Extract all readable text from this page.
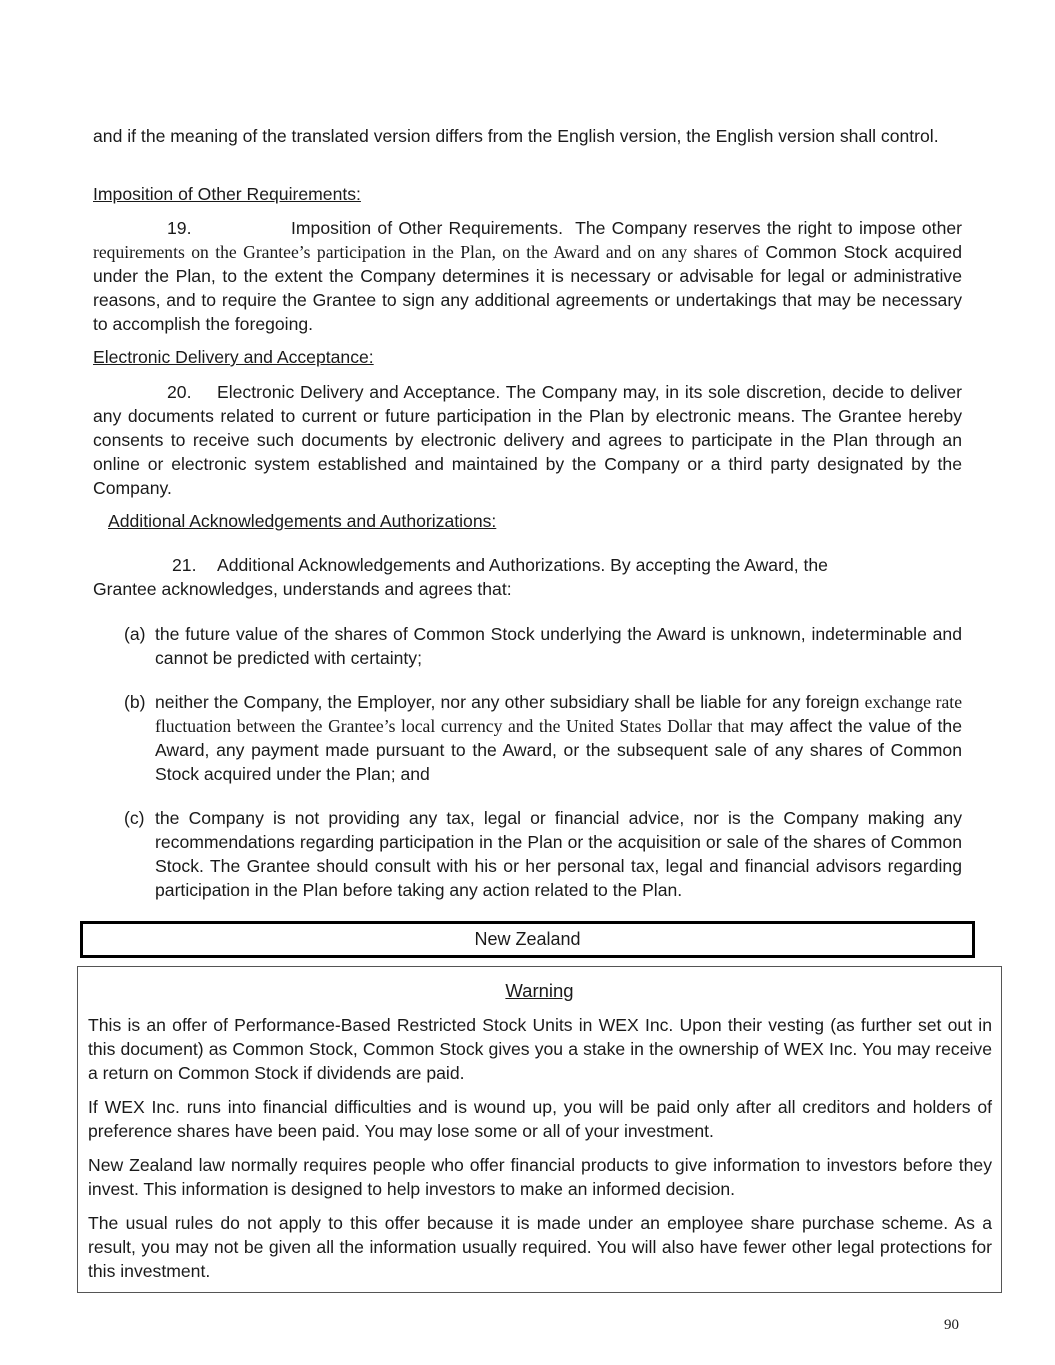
and if the meaning of the translated version differs from the English version, the English version shall control.

Imposition of Other Requirements:

19.	Imposition of Other Requirements. The Company reserves the right to impose other requirements on the Grantee’s participation in the Plan, on the Award and on any shares of Common Stock acquired under the Plan, to the extent the Company determines it is necessary or advisable for legal or administrative reasons, and to require the Grantee to sign any additional agreements or undertakings that may be necessary to accomplish the foregoing.

Electronic Delivery and Acceptance:

20. Electronic Delivery and Acceptance. The Company may, in its sole discretion, decide to deliver any documents related to current or future participation in the Plan by electronic means. The Grantee hereby consents to receive such documents by electronic delivery and agrees to participate in the Plan through an online or electronic system established and maintained by the Company or a third party designated by the Company.

Additional Acknowledgements and Authorizations:

21. Additional Acknowledgements and Authorizations. By accepting the Award, the
Grantee acknowledges, understands and agrees that:
(a) the future value of the shares of Common Stock underlying the Award is unknown, indeterminable and cannot be predicted with certainty;
(b) neither the Company, the Employer, nor any other subsidiary shall be liable for any foreign exchange rate fluctuation between the Grantee’s local currency and the United States Dollar that may affect the value of the Award, any payment made pursuant to the Award, or the subsequent sale of any shares of Common Stock acquired under the Plan; and
(c) the Company is not providing any tax, legal or financial advice, nor is the Company making any recommendations regarding participation in the Plan or the acquisition or sale of the shares of Common Stock. The Grantee should consult with his or her personal tax, legal and financial advisors regarding participation in the Plan before taking any action related to the Plan.
New Zealand
Warning

This is an offer of Performance-Based Restricted Stock Units in WEX Inc. Upon their vesting (as further set out in this document) as Common Stock, Common Stock gives you a stake in the ownership of WEX Inc. You may receive a return on Common Stock if dividends are paid.

If WEX Inc. runs into financial difficulties and is wound up, you will be paid only after all creditors and holders of preference shares have been paid. You may lose some or all of your investment.

New Zealand law normally requires people who offer financial products to give information to investors before they invest. This information is designed to help investors to make an informed decision.

The usual rules do not apply to this offer because it is made under an employee share purchase scheme. As a result, you may not be given all the information usually required. You will also have fewer other legal protections for this investment.

90
